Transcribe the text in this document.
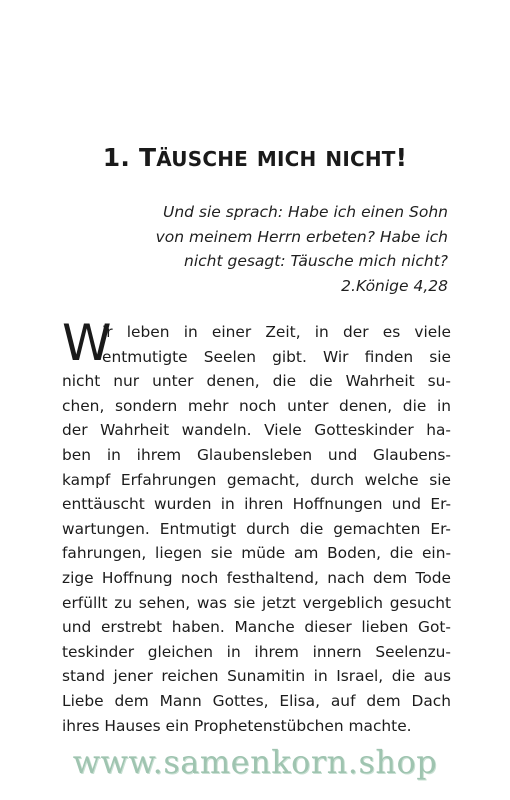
1. TÄUSCHE MICH NICHT!
Und sie sprach: Habe ich einen Sohn
von meinem Herrn erbeten? Habe ich
nicht gesagt: Täusche mich nicht?
2.Könige 4,28
W
ir leben in einer Zeit, in der es viele
entmutigte Seelen gibt. Wir finden sie
nicht nur unter denen, die die Wahrheit su-
chen, sondern mehr noch unter denen, die in
der Wahrheit wandeln. Viele Gotteskinder ha-
ben in ihrem Glaubensleben und Glaubens-
kampf Erfahrungen gemacht, durch welche sie
enttäuscht wurden in ihren Hoffnungen und Er-
wartungen. Entmutigt durch die gemachten Er-
fahrungen, liegen sie müde am Boden, die ein-
zige Hoffnung noch festhaltend, nach dem Tode
erfüllt zu sehen, was sie jetzt vergeblich gesucht
und erstrebt haben. Manche dieser lieben Got-
teskinder gleichen in ihrem innern Seelenzu-
stand jener reichen Sunamitin in Israel, die aus
Liebe dem Mann Gottes, Elisa, auf dem Dach
ihres Hauses ein Prophetenstübchen machte.
www.samenkorn.shop
